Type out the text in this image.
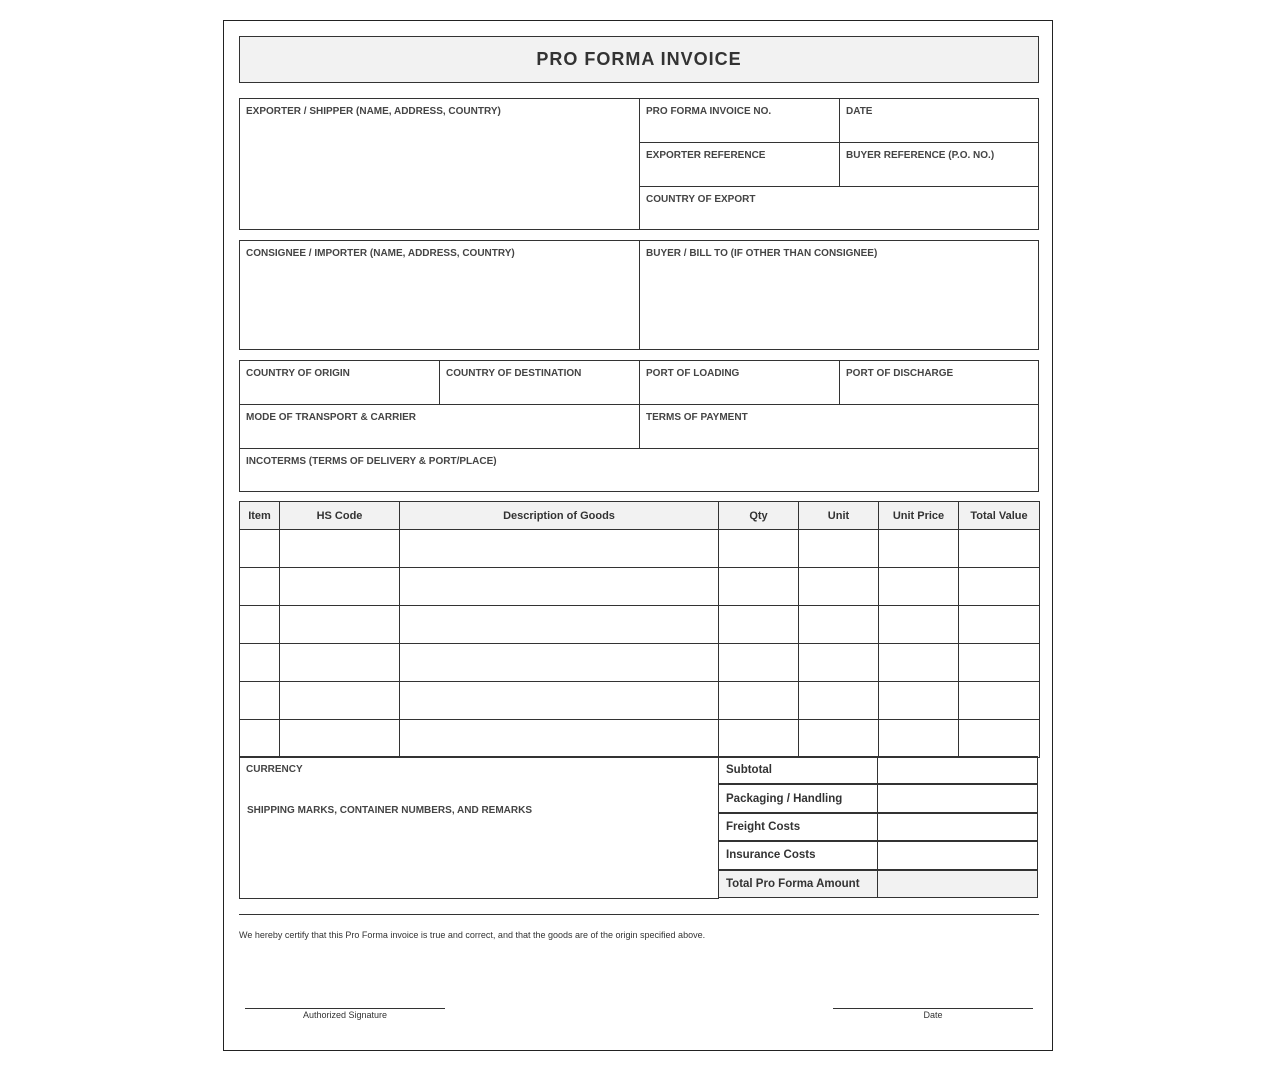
PRO FORMA INVOICE
EXPORTER / SHIPPER (NAME, ADDRESS, COUNTRY)	PRO FORMA INVOICE NO.	DATE
EXPORTER REFERENCE	BUYER REFERENCE (P.O. NO.)
COUNTRY OF EXPORT
CONSIGNEE / IMPORTER (NAME, ADDRESS, COUNTRY)	BUYER / BILL TO (IF OTHER THAN CONSIGNEE)
COUNTRY OF ORIGIN	COUNTRY OF DESTINATION	PORT OF LOADING	PORT OF DISCHARGE
MODE OF TRANSPORT & CARRIER	TERMS OF PAYMENT
INCOTERMS (TERMS OF DELIVERY & PORT/PLACE)
Item	HS Code	Description of Goods	Qty	Unit	Unit Price	Total Value

CURRENCY
SHIPPING MARKS, CONTAINER NUMBERS, AND REMARKS
Subtotal
Packaging / Handling
Freight Costs
Insurance Costs
Total Pro Forma Amount
We hereby certify that this Pro Forma invoice is true and correct, and that the goods are of the origin specified above.
Authorized Signature	Date
